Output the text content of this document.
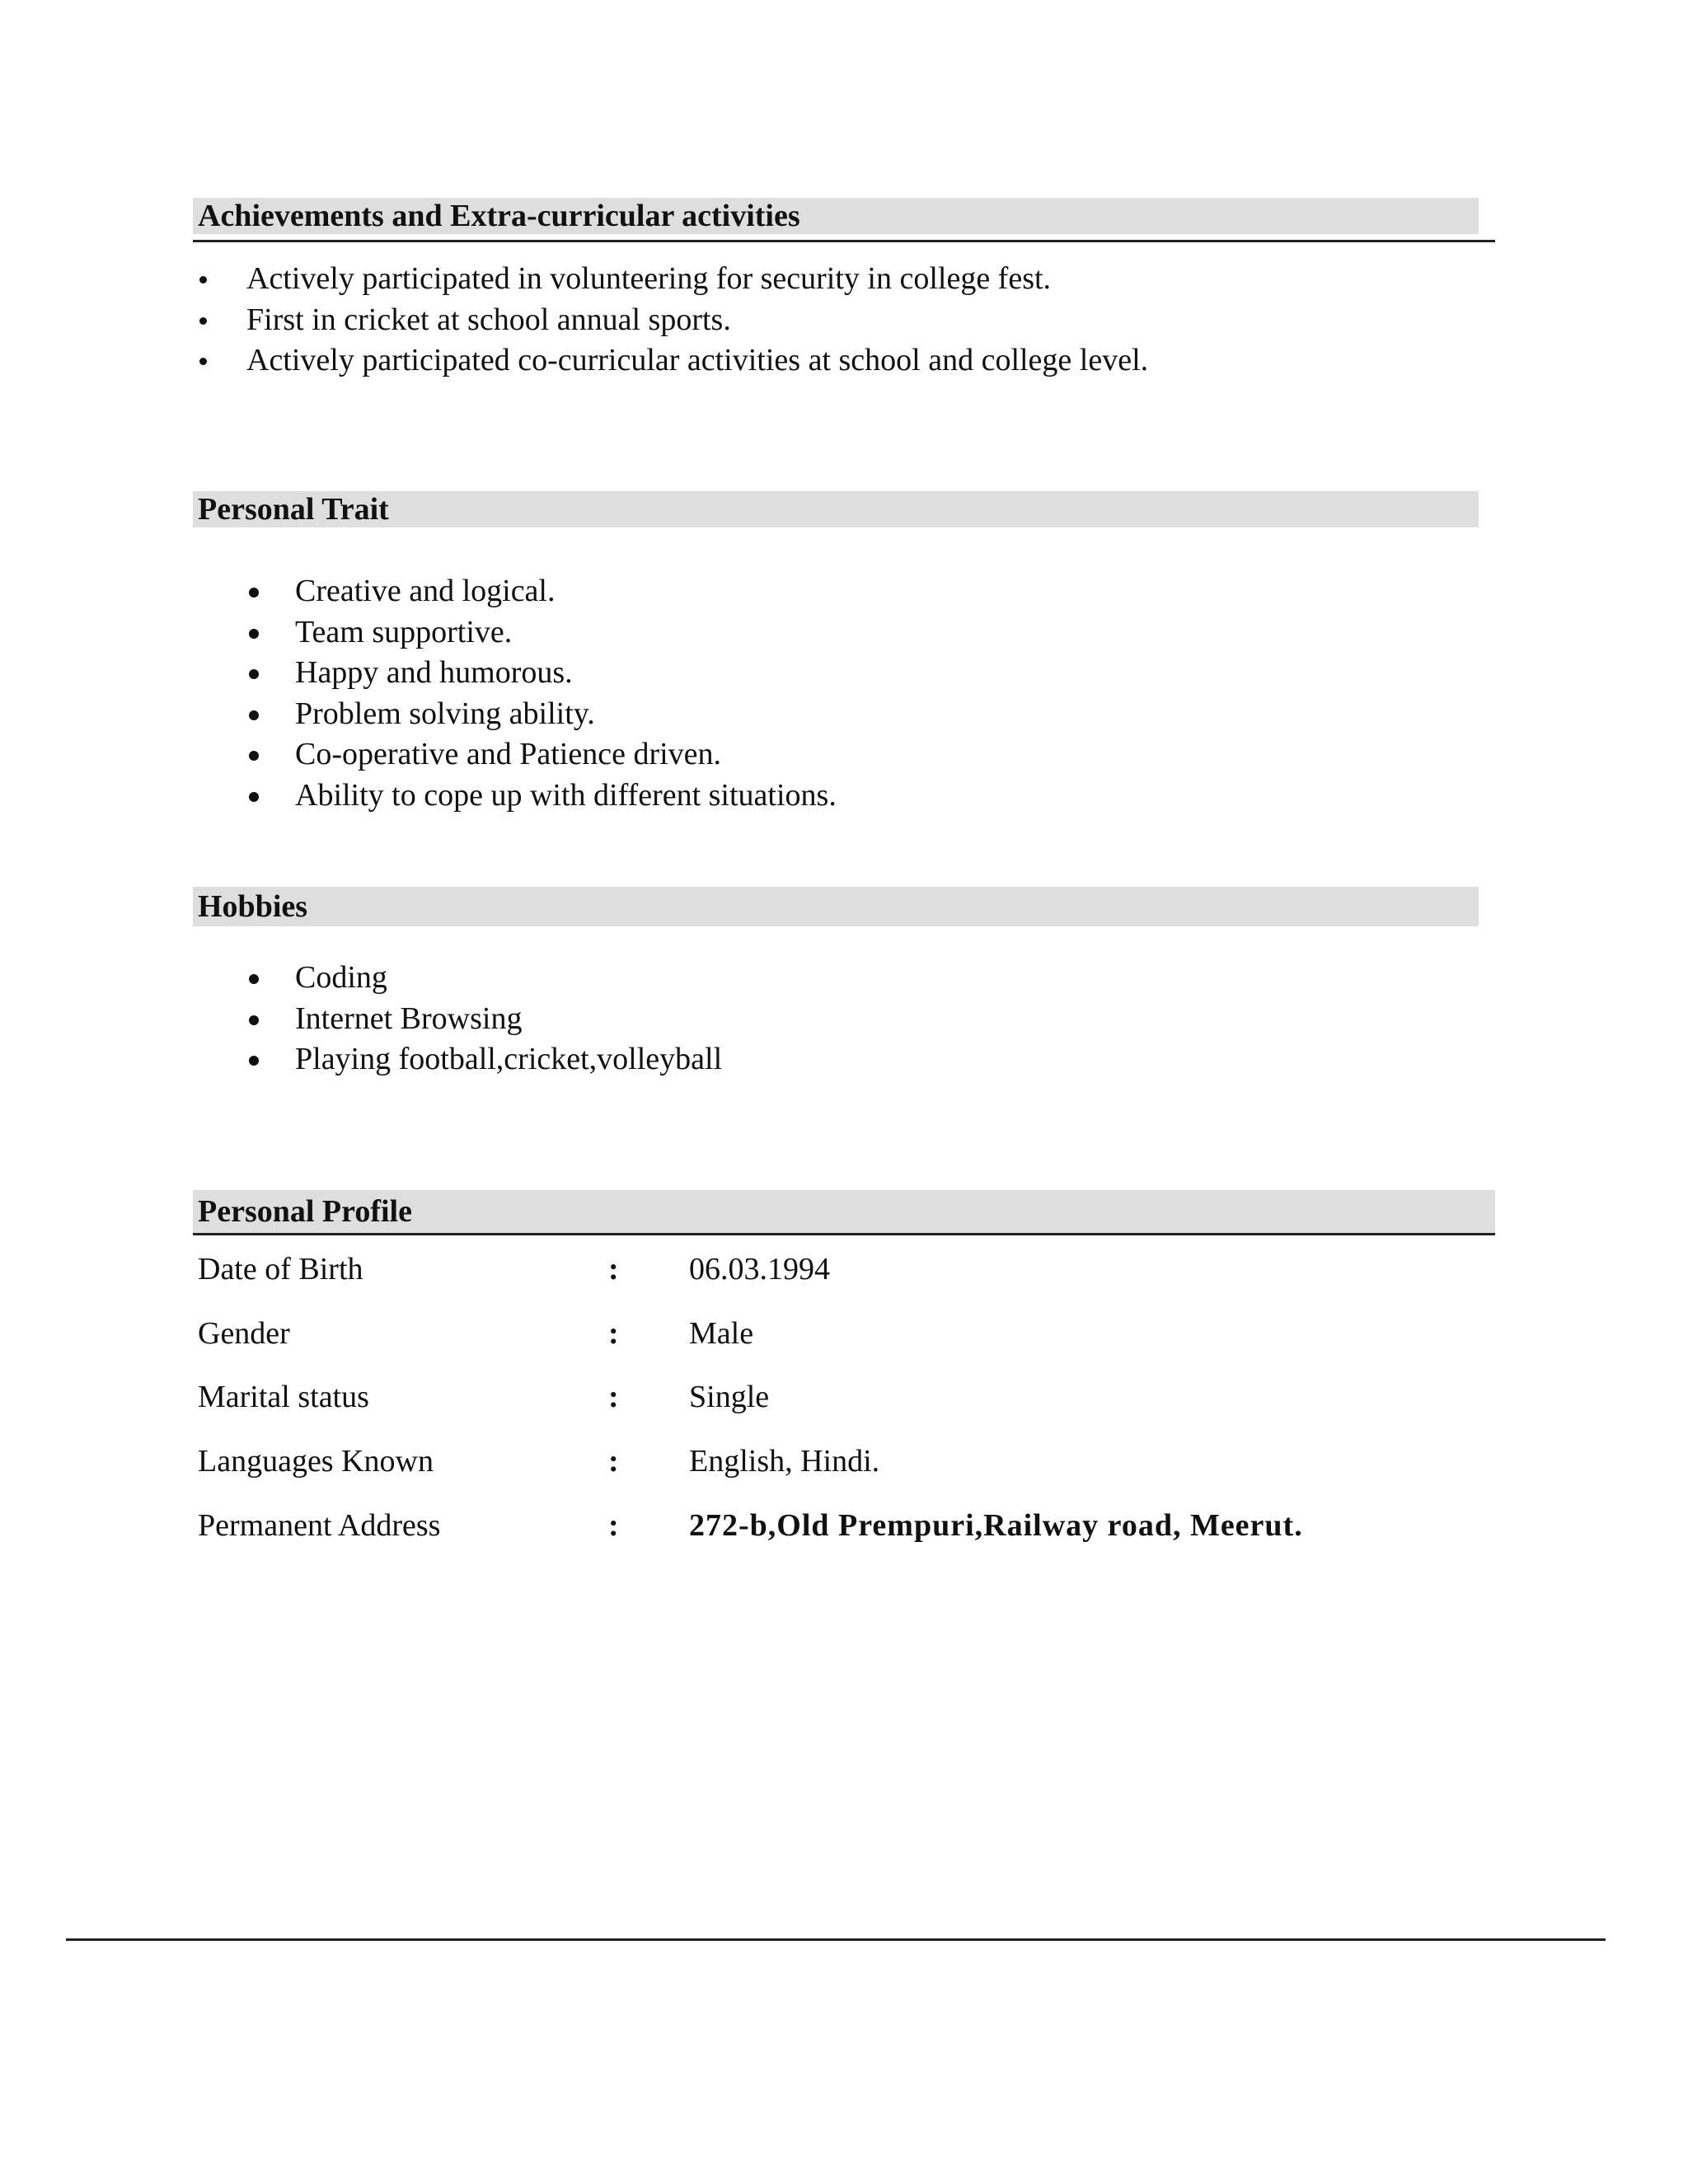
Achievements and Extra-curricular activities
Actively participated in volunteering for security in college fest.
First in cricket at school annual sports.
Actively participated co-curricular activities at school and college level.
Personal Trait
Creative and logical.
Team supportive.
Happy and humorous.
Problem solving ability.
Co-operative and Patience driven.
Ability to cope up with different situations.
Hobbies
Coding
Internet Browsing
Playing football,cricket,volleyball
Personal Profile
Date of Birth	: 06.03.1994
Gender	: Male
Marital status	: Single
Languages Known	: English, Hindi.
Permanent Address	: 272-b,Old Prempuri,Railway road, Meerut.
